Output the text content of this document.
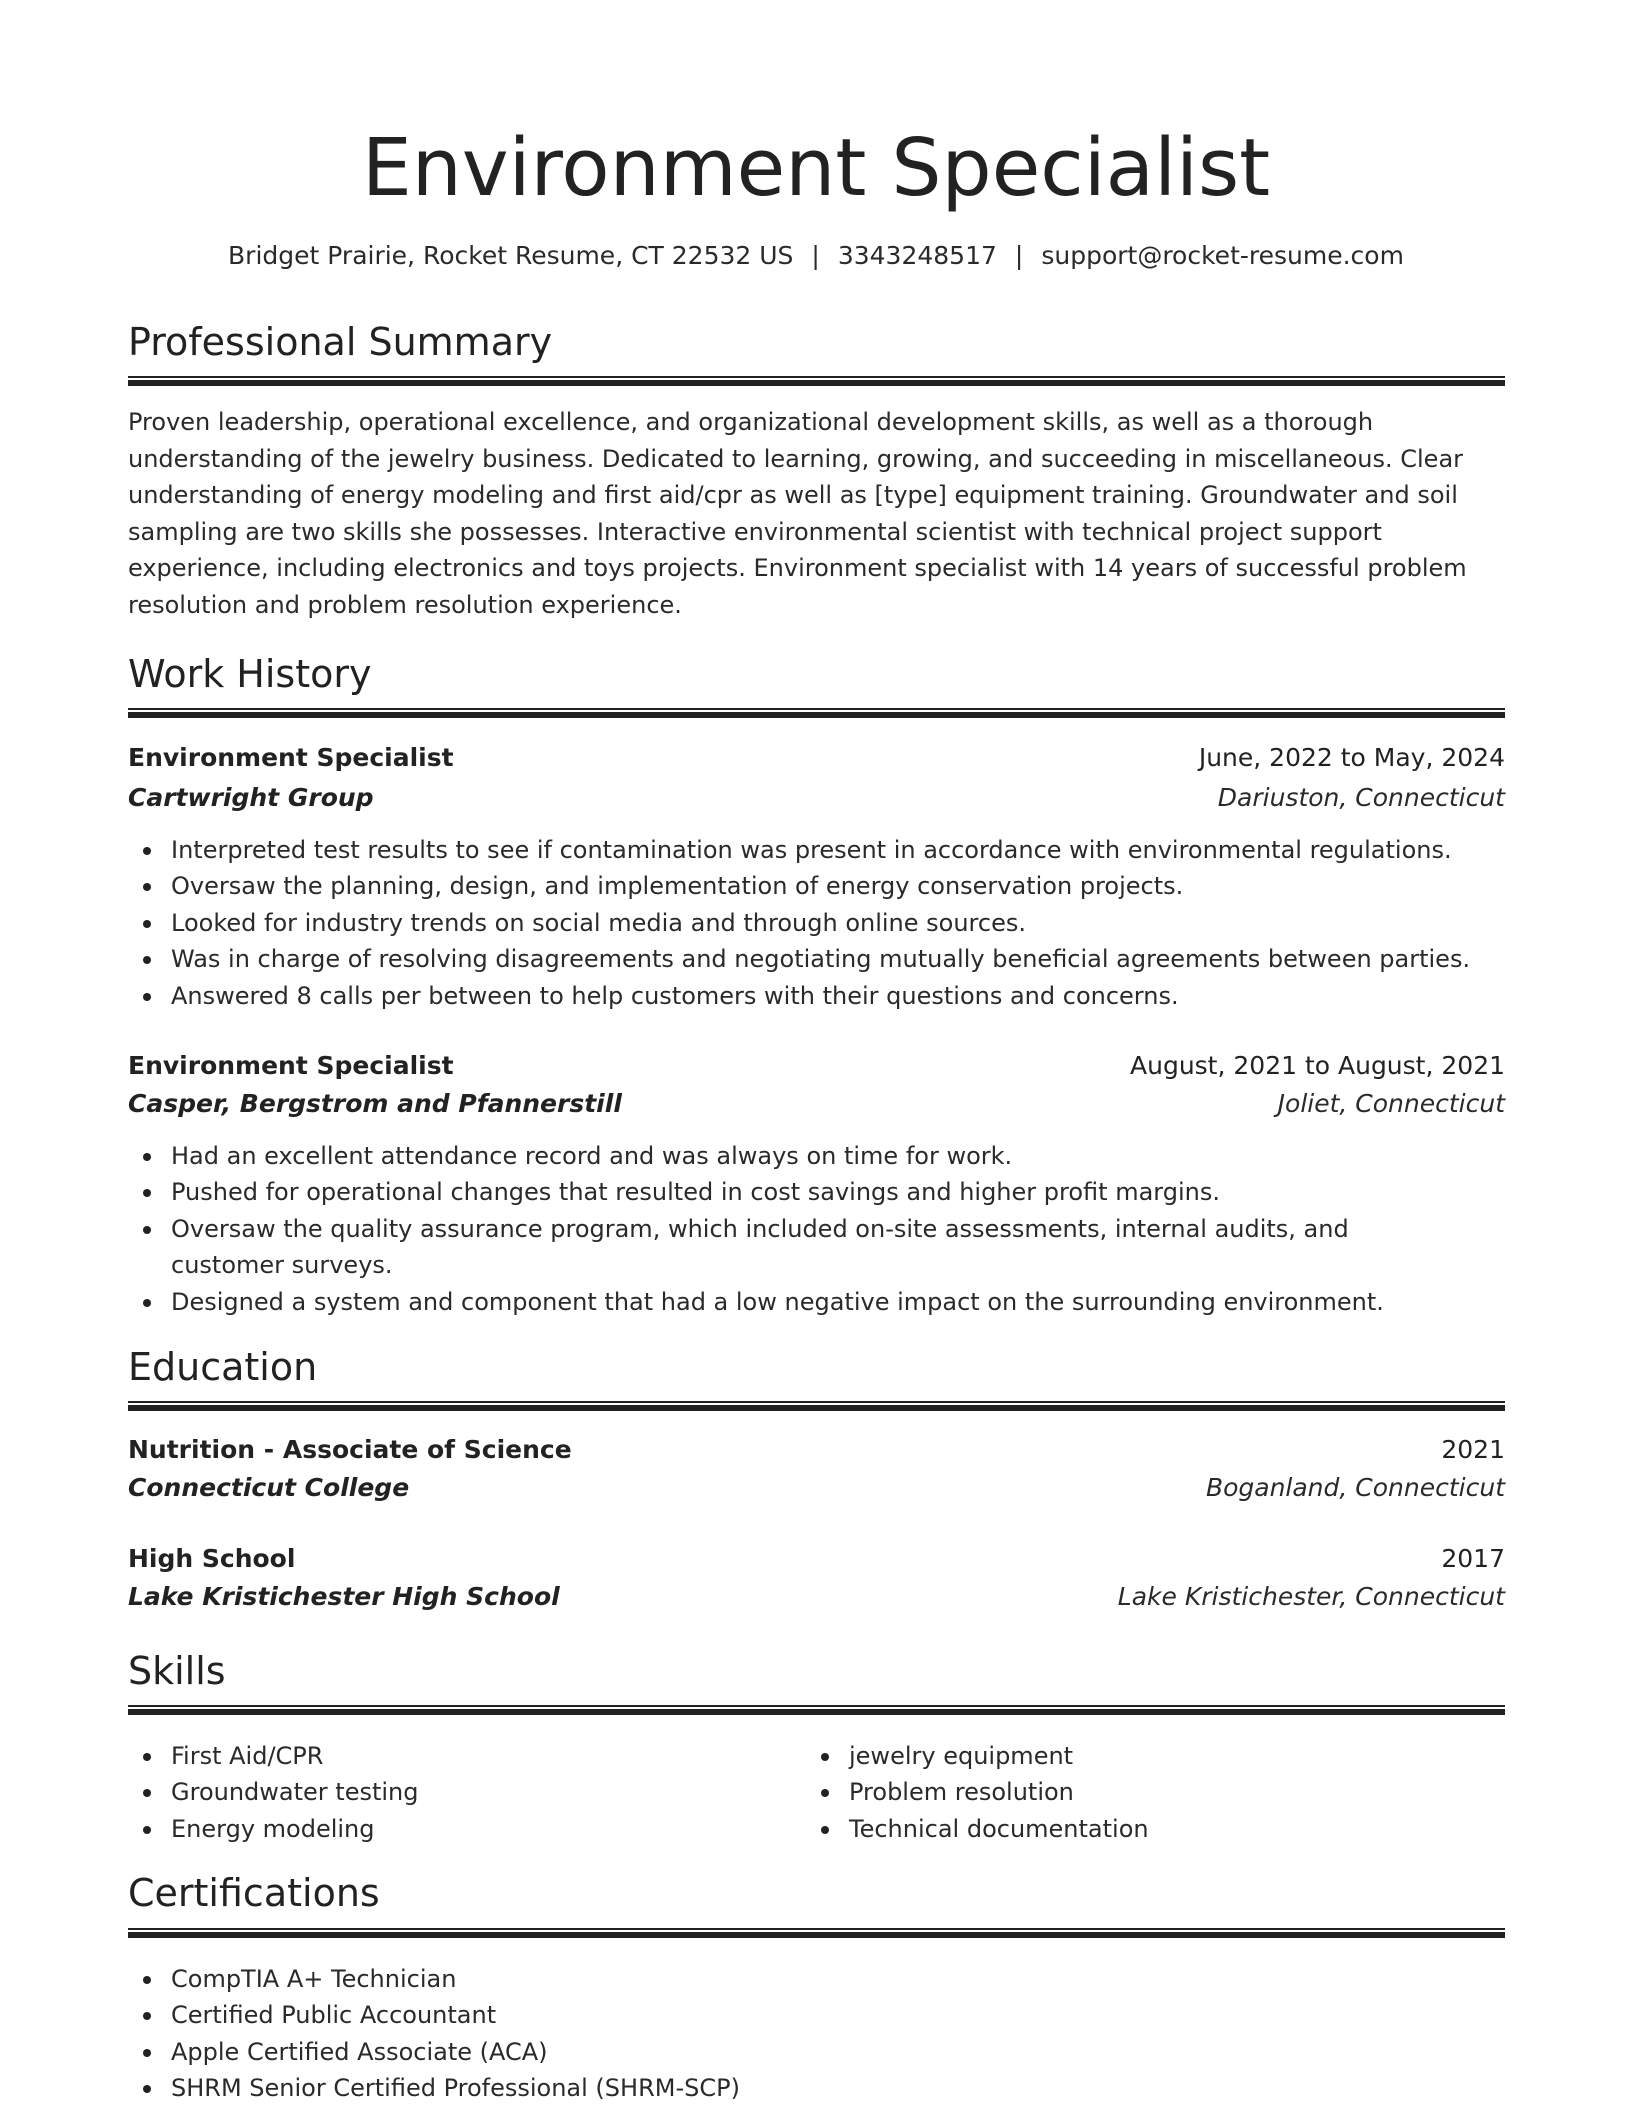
Environment Specialist
Bridget Prairie, Rocket Resume, CT 22532 US | 3343248517 | support@rocket-resume.com
Professional Summary
Proven leadership, operational excellence, and organizational development skills, as well as a thorough understanding of the jewelry business. Dedicated to learning, growing, and succeeding in miscellaneous. Clear understanding of energy modeling and first aid/cpr as well as [type] equipment training. Groundwater and soil sampling are two skills she possesses. Interactive environmental scientist with technical project support experience, including electronics and toys projects. Environment specialist with 14 years of successful problem resolution and problem resolution experience.
Work History
Environment Specialist	June, 2022 to May, 2024
Cartwright Group	Dariuston, Connecticut
Interpreted test results to see if contamination was present in accordance with environmental regulations.
Oversaw the planning, design, and implementation of energy conservation projects.
Looked for industry trends on social media and through online sources.
Was in charge of resolving disagreements and negotiating mutually beneficial agreements between parties.
Answered 8 calls per between to help customers with their questions and concerns.
Environment Specialist	August, 2021 to August, 2021
Casper, Bergstrom and Pfannerstill	Joliet, Connecticut
Had an excellent attendance record and was always on time for work.
Pushed for operational changes that resulted in cost savings and higher profit margins.
Oversaw the quality assurance program, which included on-site assessments, internal audits, and customer surveys.
Designed a system and component that had a low negative impact on the surrounding environment.
Education
Nutrition - Associate of Science	2021
Connecticut College	Boganland, Connecticut
High School	2017
Lake Kristichester High School	Lake Kristichester, Connecticut
Skills
First Aid/CPR
Groundwater testing
Energy modeling
jewelry equipment
Problem resolution
Technical documentation
Certifications
CompTIA A+ Technician
Certified Public Accountant
Apple Certified Associate (ACA)
SHRM Senior Certified Professional (SHRM-SCP)
